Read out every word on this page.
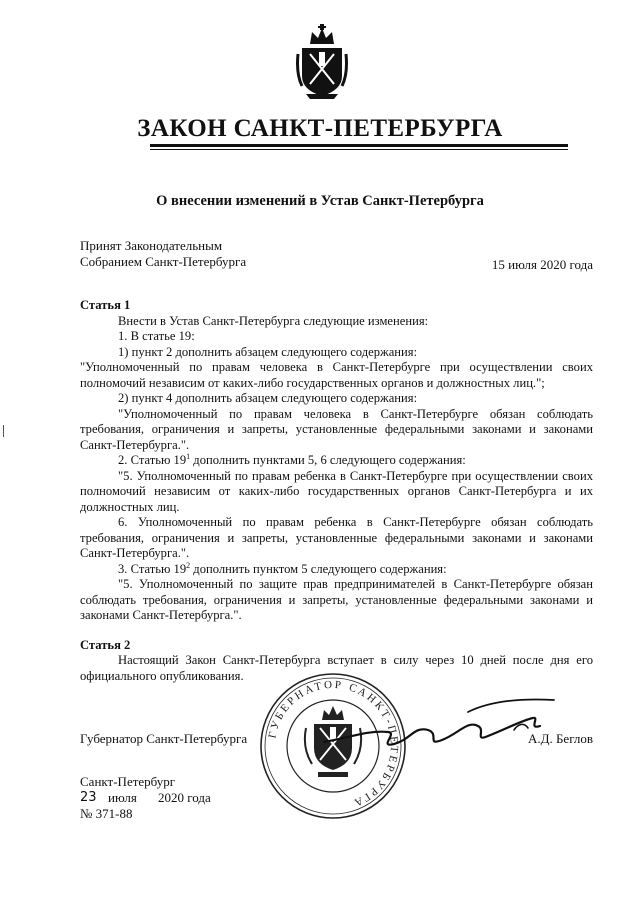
ЗАКОН САНКТ-ПЕТЕРБУРГА
О внесении изменений в Устав Санкт-Петербурга
Принят Законодательным
Собранием Санкт-Петербурга	15 июля 2020 года

Статья 1

Внести в Устав Санкт-Петербурга следующие изменения:

1. В статье 19:

1) пункт 2 дополнить абзацем следующего содержания:

"Уполномоченный по правам человека в Санкт-Петербурге при осуществлении своих полномочий независим от каких-либо государственных органов и должностных лиц.";

2) пункт 4 дополнить абзацем следующего содержания:

"Уполномоченный по правам человека в Санкт-Петербурге обязан соблюдать требования, ограничения и запреты, установленные федеральными законами и законами Санкт-Петербурга.".

2. Статью $19^1$ дополнить пунктами 5, 6 следующего содержания:

"5. Уполномоченный по правам ребенка в Санкт-Петербурге при осуществлении своих полномочий независим от каких-либо государственных органов Санкт-Петербурга и их должностных лиц.

6. Уполномоченный по правам ребенка в Санкт-Петербурге обязан соблюдать требования, ограничения и запреты, установленные федеральными законами и законами Санкт-Петербурга.".

3. Статью $19^2$ дополнить пунктом 5 следующего содержания:

"5. Уполномоченный по защите прав предпринимателей в Санкт-Петербурге обязан соблюдать требования, ограничения и запреты, установленные федеральными законами и законами Санкт-Петербурга.".

Статья 2

Настоящий Закон Санкт-Петербурга вступает в силу через 10 дней после дня его официального опубликования.

ГУБЕРНАТОР САНКТ-ПЕТЕРБУРГА
Губернатор Санкт-Петербурга	А.Д. Беглов
Санкт-Петербург
23 июля 2020 года
№ 371-88
